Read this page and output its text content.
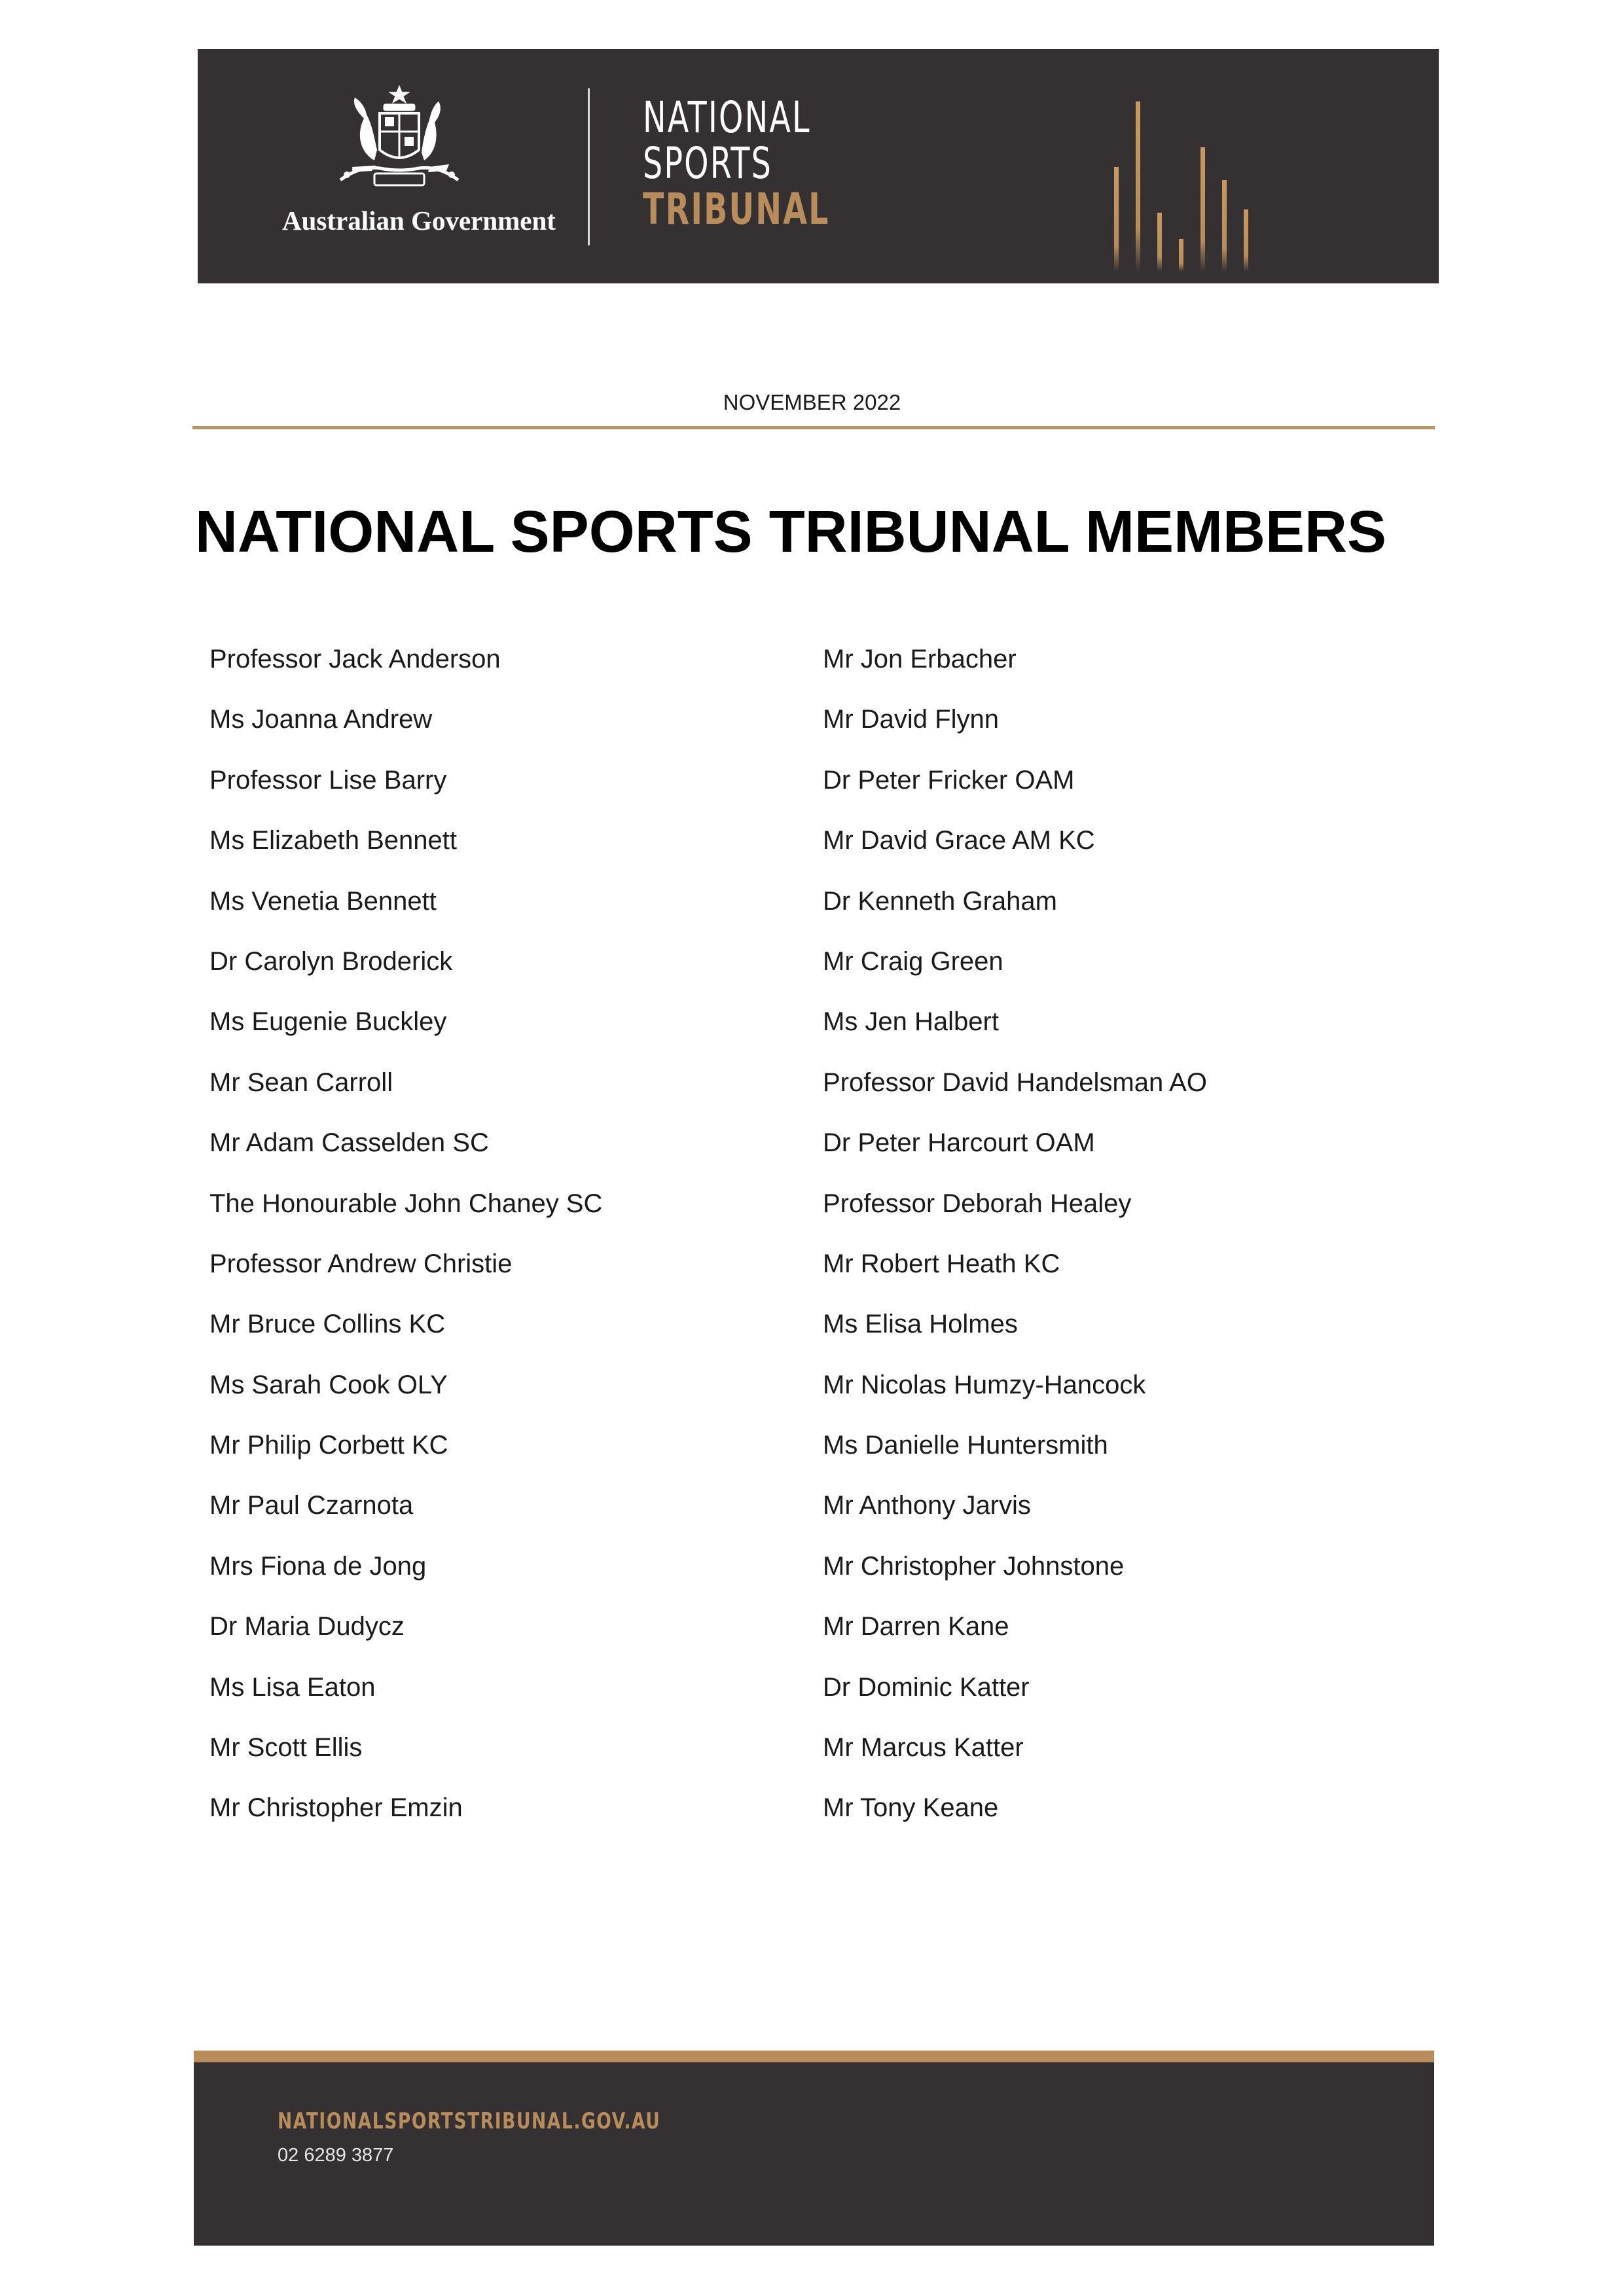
Australian Government
NATIONAL
SPORTS
TRIBUNAL
NOVEMBER 2022
NATIONAL SPORTS TRIBUNAL MEMBERS
Professor Jack Anderson
Ms Joanna Andrew
Professor Lise Barry
Ms Elizabeth Bennett
Ms Venetia Bennett
Dr Carolyn Broderick
Ms Eugenie Buckley
Mr Sean Carroll
Mr Adam Casselden SC
The Honourable John Chaney SC
Professor Andrew Christie
Mr Bruce Collins KC
Ms Sarah Cook OLY
Mr Philip Corbett KC
Mr Paul Czarnota
Mrs Fiona de Jong
Dr Maria Dudycz
Ms Lisa Eaton
Mr Scott Ellis
Mr Christopher Emzin
Mr Jon Erbacher
Mr David Flynn
Dr Peter Fricker OAM
Mr David Grace AM KC
Dr Kenneth Graham
Mr Craig Green
Ms Jen Halbert
Professor David Handelsman AO
Dr Peter Harcourt OAM
Professor Deborah Healey
Mr Robert Heath KC
Ms Elisa Holmes
Mr Nicolas Humzy-Hancock
Ms Danielle Huntersmith
Mr Anthony Jarvis
Mr Christopher Johnstone
Mr Darren Kane
Dr Dominic Katter
Mr Marcus Katter
Mr Tony Keane
NATIONALSPORTSTRIBUNAL.GOV.AU
02 6289 3877
